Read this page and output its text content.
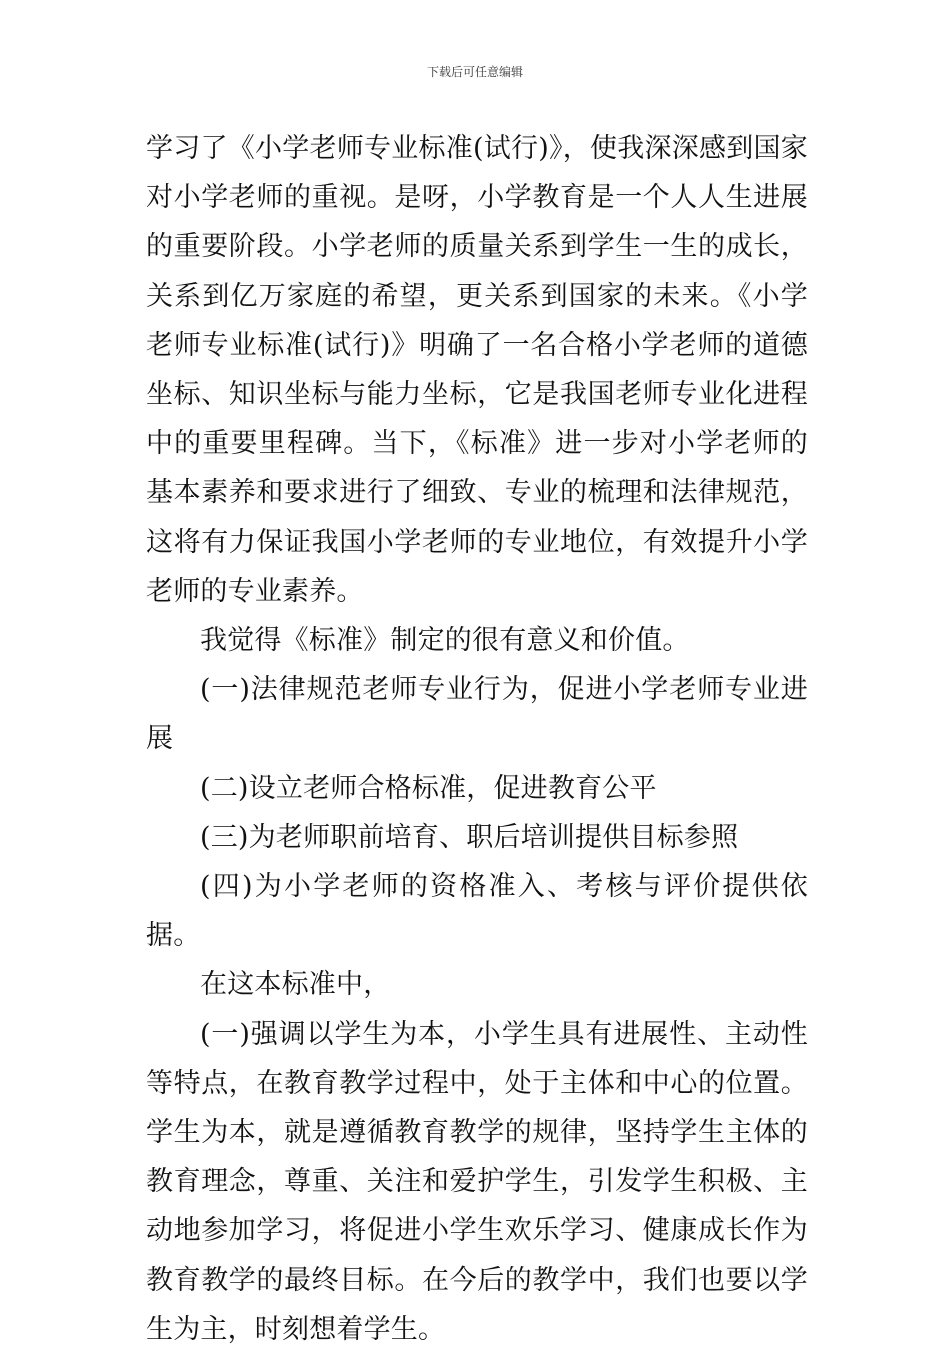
下载后可任意编辑

学习了《小学老师专业标准(试行)》，使我深深感到国家对小学老师的重视。是呀，小学教育是一个人人生进展的重要阶段。小学老师的质量关系到学生一生的成长，关系到亿万家庭的希望，更关系到国家的未来。《小学老师专业标准(试行)》明确了一名合格小学老师的道德坐标、知识坐标与能力坐标，它是我国老师专业化进程中的重要里程碑。当下，《标准》进一步对小学老师的基本素养和要求进行了细致、专业的梳理和法律规范，这将有力保证我国小学老师的专业地位，有效提升小学老师的专业素养。

我觉得《标准》制定的很有意义和价值。

(一)法律规范老师专业行为，促进小学老师专业进展

(二)设立老师合格标准，促进教育公平

(三)为老师职前培育、职后培训提供目标参照

(四)为小学老师的资格准入、考核与评价提供依据。

在这本标准中，

(一)强调以学生为本，小学生具有进展性、主动性等特点，在教育教学过程中，处于主体和中心的位置。学生为本，就是遵循教育教学的规律，坚持学生主体的教育理念，尊重、关注和爱护学生，引发学生积极、主动地参加学习，将促进小学生欢乐学习、健康成长作为教育教学的最终目标。在今后的教学中，我们也要以学生为主，时刻想着学生。
